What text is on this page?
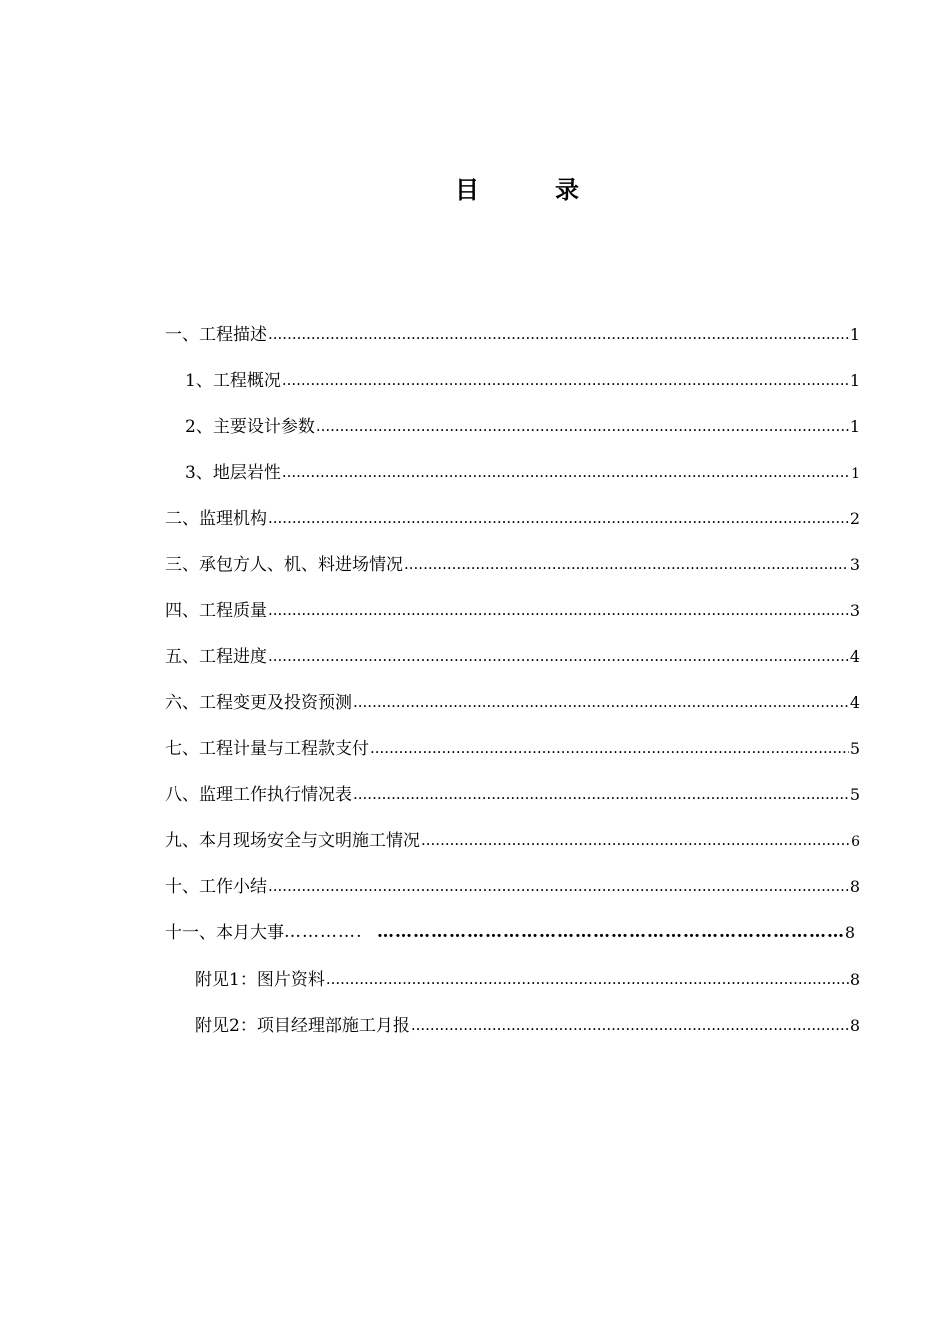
目　录
一、工程描述 .....	1
1、工程概况 .....	1
2、主要设计参数 .....	1
3、地层岩性 .....	1
二、监理机构 .....	2
三、承包方人、机、料进场情况 .....	3
四、工程质量 .....	3
五、工程进度 .....	4
六、工程变更及投资预测 .....	4
七、工程计量与工程款支付 .....	5
八、监理工作执行情况表 .....	5
九、本月现场安全与文明施工情况 .....	6
十、工作小结 .....	8
十一、本月大事 ………………………………… …………………………………………………………………………………………………………………………………………	8
附见1：图片资料 .....	8
附见2：项目经理部施工月报 .....	8
